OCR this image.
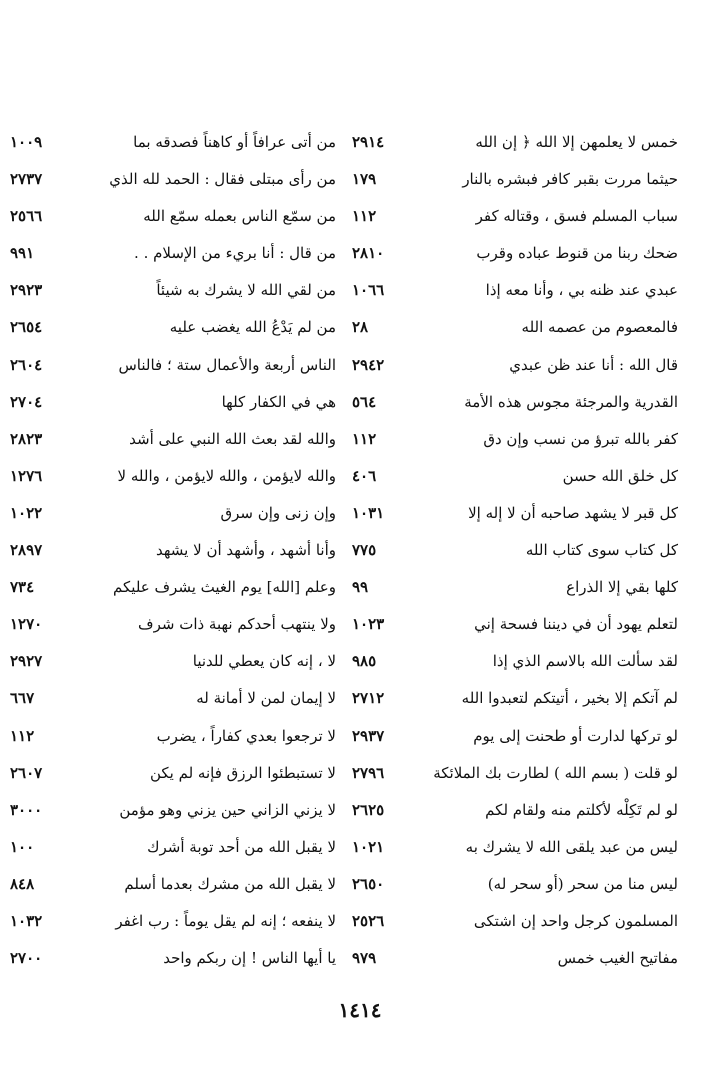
خمس لا يعلمهن إلا الله ﴿ إن الله
٢٩١٤
حيثما مررت بقبر كافر فبشره بالنار
١٧٩
سباب المسلم فسق ، وقتاله كفر
١١٢
ضحك ربنا من قنوط عباده وقرب
٢٨١٠
عبدي عند ظنه بي ، وأنا معه إذا
١٠٦٦
فالمعصوم من عصمه الله
٢٨
قال الله : أنا عند ظن عبدي
٢٩٤٢
القدرية والمرجئة مجوس هذه الأمة
٥٦٤
كفر بالله تبرؤ من نسب وإن دق
١١٢
كل خلق الله حسن
٤٠٦
كل قبر لا يشهد صاحبه أن لا إله إلا
١٠٣١
كل كتاب سوى كتاب الله
٧٧٥
كلها بقي إلا الذراع
٩٩
لتعلم يهود أن في ديننا فسحة إني
١٠٢٣
لقد سألت الله بالاسم الذي إذا
٩٨٥
لم آتكم إلا بخير ، أتيتكم لتعبدوا الله
٢٧١٢
لو تركها لدارت أو طحنت إلى يوم
٢٩٣٧
لو قلت ( بسم الله ) لطارت بك الملائكة
٢٧٩٦
لو لم تَكِلْه لأكلتم منه ولقام لكم
٢٦٢٥
ليس من عبد يلقى الله لا يشرك به
١٠٢١
ليس منا من سحر (أو سحر له)
٢٦٥٠
المسلمون كرجل واحد إن اشتكى
٢٥٢٦
مفاتيح الغيب خمس
٩٧٩
من أتى عرافاً أو كاهناً فصدقه بما
١٠٠٩
من رأى مبتلى فقال : الحمد لله الذي
٢٧٣٧
من سمّع الناس بعمله سمّع الله
٢٥٦٦
من قال : أنا بريء من الإسلام . .
٩٩١
من لقي الله لا يشرك به شيئاً
٢٩٢٣
من لم يَدْعُ الله يغضب عليه
٢٦٥٤
الناس أربعة والأعمال ستة ؛ فالناس
٢٦٠٤
هي في الكفار كلها
٢٧٠٤
والله لقد بعث الله النبي على أشد
٢٨٢٣
والله لايؤمن ، والله لايؤمن ، والله لا
١٢٧٦
وإن زنى وإن سرق
١٠٢٢
وأنا أشهد ، وأشهد أن لا يشهد
٢٨٩٧
وعلم [الله] يوم الغيث يشرف عليكم
٧٣٤
ولا ينتهب أحدكم نهبة ذات شرف
١٢٧٠
لا ، إنه كان يعطي للدنيا
٢٩٢٧
لا إيمان لمن لا أمانة له
٦٦٧
لا ترجعوا بعدي كفاراً ، يضرب
١١٢
لا تستبطئوا الرزق فإنه لم يكن
٢٦٠٧
لا يزني الزاني حين يزني وهو مؤمن
٣٠٠٠
لا يقبل الله من أحد توبة أشرك
١٠٠
لا يقبل الله من مشرك بعدما أسلم
٨٤٨
لا ينفعه ؛ إنه لم يقل يوماً : رب اغفر
١٠٣٢
يا أيها الناس ! إن ربكم واحد
٢٧٠٠
١٤١٤
